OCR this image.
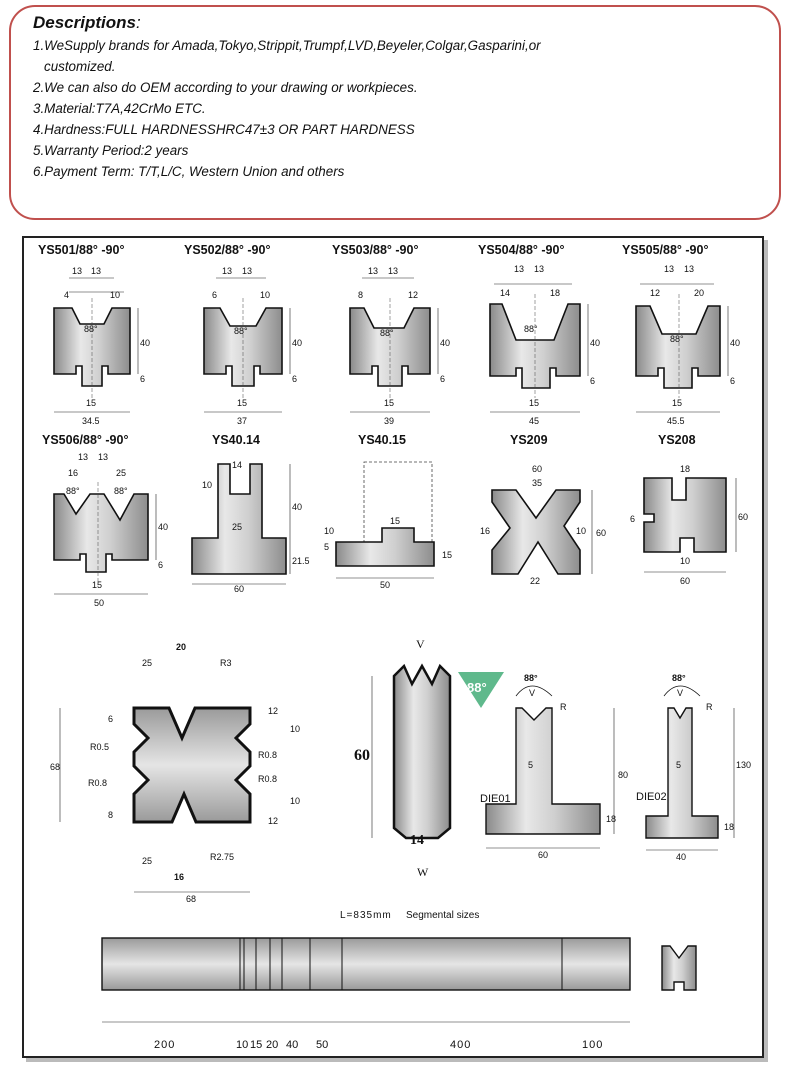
Descriptions:
1.WeSupply brands for Amada,Tokyo,Strippit,Trumpf,LVD,Beyeler,Colgar,Gasparini,or
customized.
2.We can also do OEM according to your drawing or workpieces.
3.Material:T7A,42CrMo ETC.
4.Hardness:FULL HARDNESSHRC47±3 OR PART HARDNESS
5.Warranty Period:2 years
6.Payment Term: T/T,L/C, Western Union and others
YS501/88° -90°
13 13
4	10
88°
40
6
15
34.5
YS502/88° -90°
13 13
6	10
88°
40
6
15
37
YS503/88° -90°
13 13
8	12
88°
40
6
15
39
YS504/88° -90°
13 13
14	18
88°
40
6
15
45
YS505/88° -90°
13 13
12	20
88°	40
6
15
45.5
YS506/88° -90°
13 13
16	25
88°	88°
40
6
15
50
YS40.14
14
10
25
40
21.5
60
YS40.15
15
10
5
15
50
YS209
60
35
16	10 60
22
YS208
18
6	60
10
60
20
25	R3
6
R0.5
R0.8
8
12
10
R0.8
R0.8
10
12
68
25
16
R2.75
68
V
60
14
W
88°
88°
V
R
5
DIE01
80
18
60
88°
V
R
5
DIE02
130
18
40
L=835mm Segmental sizes
200	10 15 20 40 50	400	100
